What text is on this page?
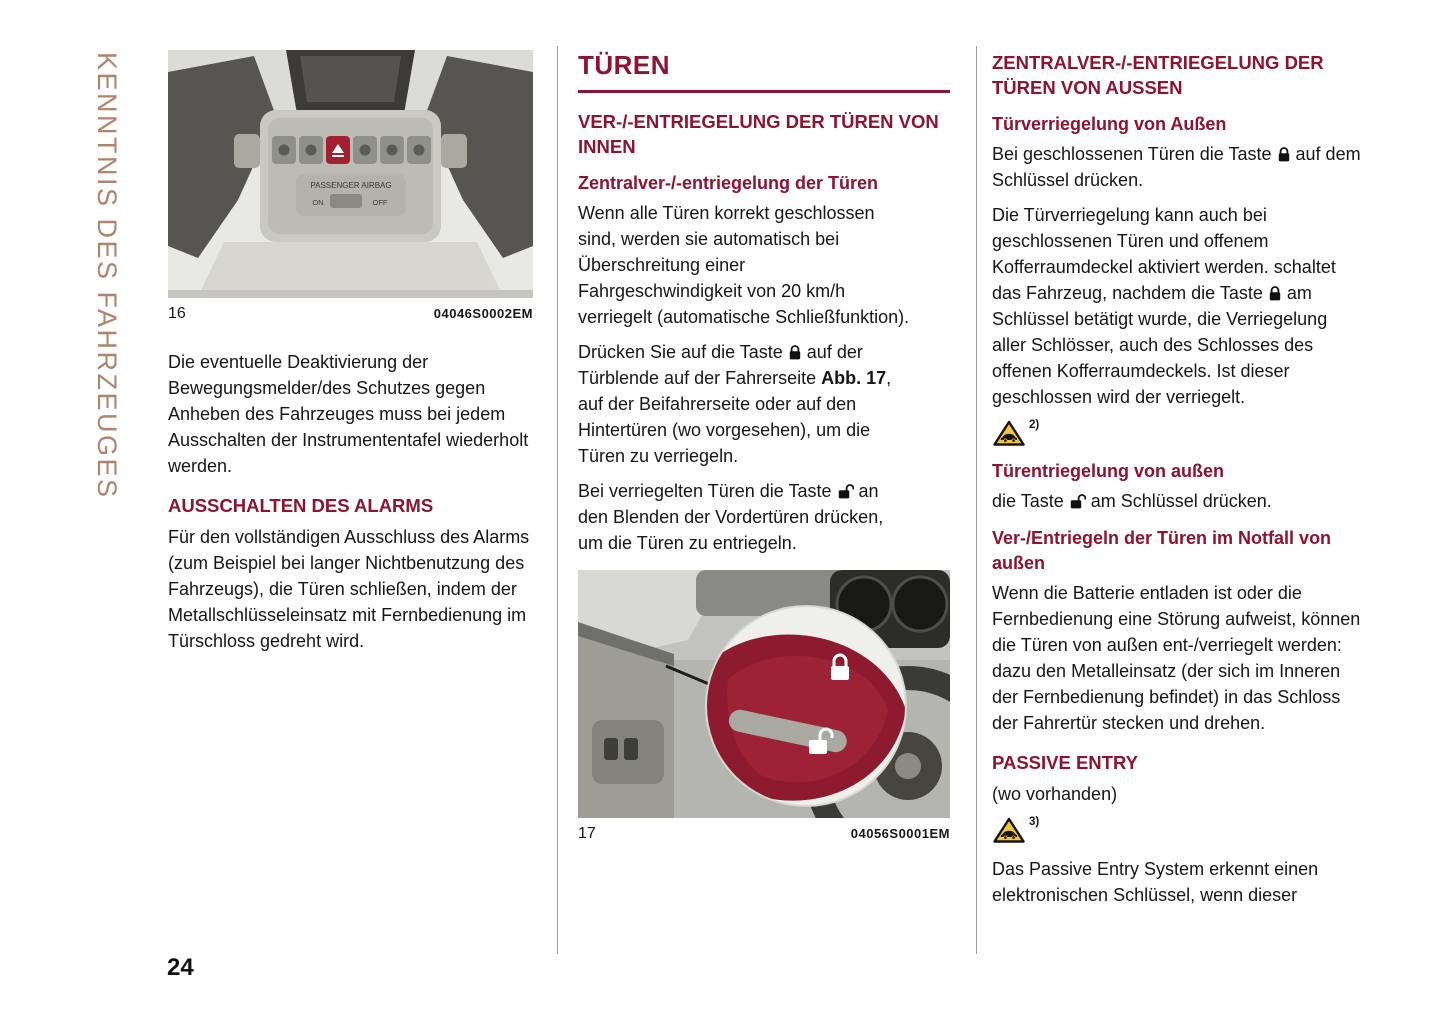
KENNTNIS DES FAHRZEUGES	PASSENGER AIRBAG
ON	OFF
16	04046S0002EM

Die eventuelle Deaktivierung der Bewegungsmelder/des Schutzes gegen Anheben des Fahrzeuges muss bei jedem Ausschalten der Instrumententafel wiederholt werden.

AUSSCHALTEN DES ALARMS

Für den vollständigen Ausschluss des Alarms (zum Beispiel bei langer Nichtbenutzung des Fahrzeugs), die Türen schließen, indem der Metallschlüsseleinsatz mit Fernbedienung im Türschloss gedreht wird.

TÜREN
VER-/-ENTRIEGELUNG DER TÜREN VON INNEN
Zentralver-/-entriegelung der Türen

Wenn alle Türen korrekt geschlossen sind, werden sie automatisch bei Überschreitung einer Fahrgeschwindigkeit von 20 km/h verriegelt (automatische Schließfunktion).

Drücken Sie auf die Taste auf der Türblende auf der Fahrerseite Abb. 17, auf der Beifahrerseite oder auf den Hintertüren (wo vorgesehen), um die Türen zu verriegeln.

Bei verriegelten Türen die Taste an den Blenden der Vordertüren drücken, um die Türen zu entriegeln.

17	04056S0001EM
ZENTRALVER-/-ENTRIEGELUNG DER TÜREN VON AUSSEN
Türverriegelung von Außen

Bei geschlossenen Türen die Taste auf dem Schlüssel drücken.

Die Türverriegelung kann auch bei geschlossenen Türen und offenem Kofferraumdeckel aktiviert werden. schaltet das Fahrzeug, nachdem die Taste am Schlüssel betätigt wurde, die Verriegelung aller Schlösser, auch des Schlosses des offenen Kofferraumdeckels. Ist dieser geschlossen wird der verriegelt.

2)
Türentriegelung von außen

die Taste am Schlüssel drücken.

Ver-/Entriegeln der Türen im Notfall von außen

Wenn die Batterie entladen ist oder die Fernbedienung eine Störung aufweist, können die Türen von außen ent-/verriegelt werden: dazu den Metalleinsatz (der sich im Inneren der Fernbedienung befindet) in das Schloss der Fahrertür stecken und drehen.

PASSIVE ENTRY

(wo vorhanden)

3)

Das Passive Entry System erkennt einen elektronischen Schlüssel, wenn dieser

24
